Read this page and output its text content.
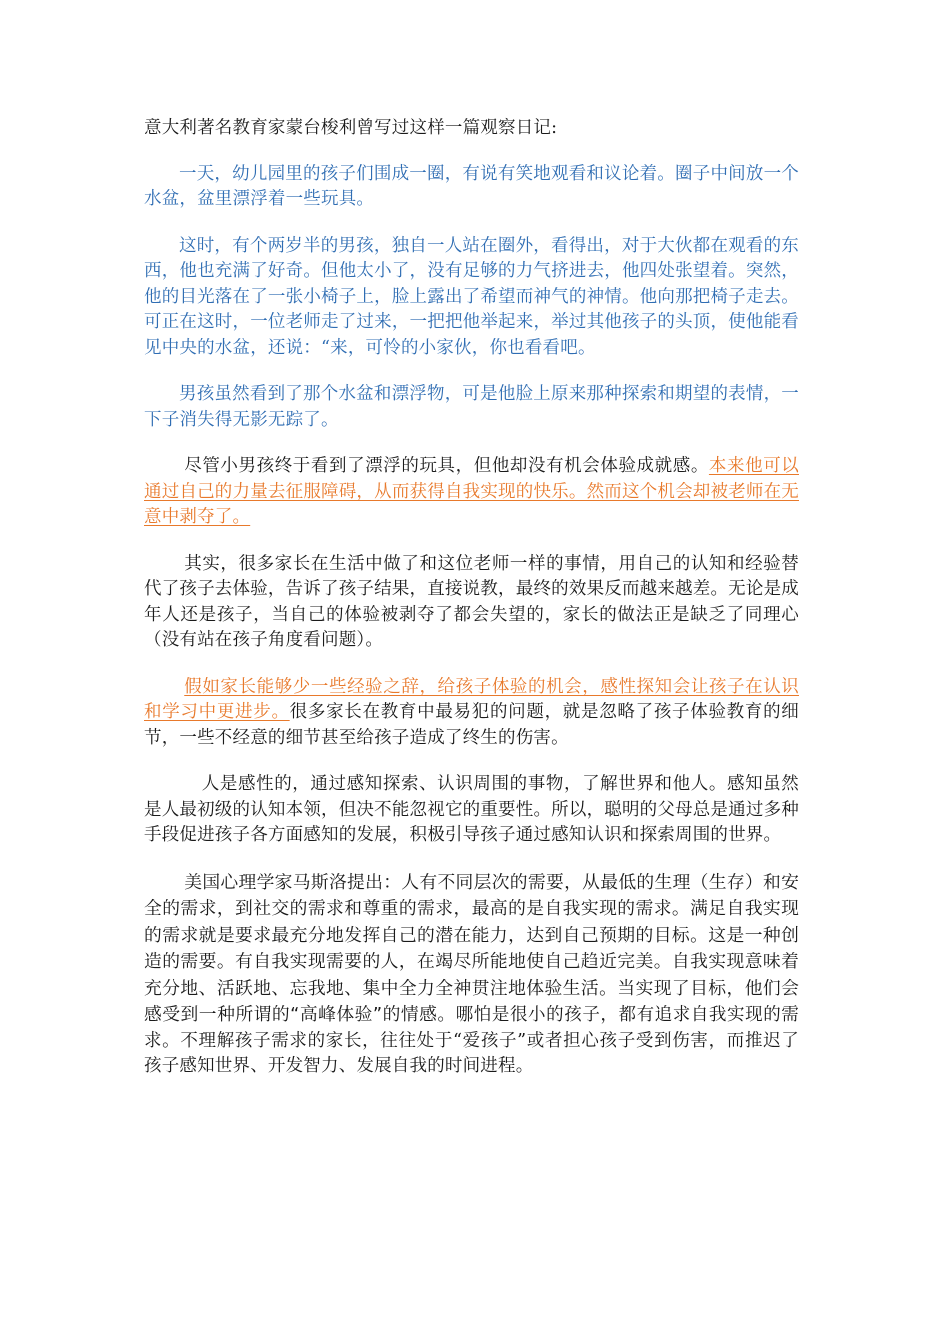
意大利著名教育家蒙台梭利曾写过这样一篇观察日记:

一天，幼儿园里的孩子们围成一圈，有说有笑地观看和议论着。圈子中间放一个水盆，盆里漂浮着一些玩具。

这时，有个两岁半的男孩，独自一人站在圈外，看得出，对于大伙都在观看的东西，他也充满了好奇。但他太小了，没有足够的力气挤进去，他四处张望着。突然，他的目光落在了一张小椅子上，脸上露出了希望而神气的神情。他向那把椅子走去。可正在这时，一位老师走了过来，一把把他举起来，举过其他孩子的头顶，使他能看见中央的水盆，还说：“来，可怜的小家伙，你也看看吧。

男孩虽然看到了那个水盆和漂浮物，可是他脸上原来那种探索和期望的表情，一下子消失得无影无踪了。

尽管小男孩终于看到了漂浮的玩具，但他却没有机会体验成就感。本来他可以通过自己的力量去征服障碍，从而获得自我实现的快乐。然而这个机会却被老师在无意中剥夺了。

其实，很多家长在生活中做了和这位老师一样的事情，用自己的认知和经验替代了孩子去体验，告诉了孩子结果，直接说教，最终的效果反而越来越差。无论是成年人还是孩子，当自己的体验被剥夺了都会失望的，家长的做法正是缺乏了同理心（没有站在孩子角度看问题）。

假如家长能够少一些经验之辞，给孩子体验的机会，感性探知会让孩子在认识和学习中更进步。很多家长在教育中最易犯的问题，就是忽略了孩子体验教育的细节，一些不经意的细节甚至给孩子造成了终生的伤害。

人是感性的，通过感知探索、认识周围的事物，了解世界和他人。感知虽然是人最初级的认知本领，但决不能忽视它的重要性。所以，聪明的父母总是通过多种手段促进孩子各方面感知的发展，积极引导孩子通过感知认识和探索周围的世界。

美国心理学家马斯洛提出：人有不同层次的需要，从最低的生理（生存）和安全的需求，到社交的需求和尊重的需求，最高的是自我实现的需求。满足自我实现的需求就是要求最充分地发挥自己的潜在能力，达到自己预期的目标。这是一种创造的需要。有自我实现需要的人，在竭尽所能地使自己趋近完美。自我实现意味着充分地、活跃地、忘我地、集中全力全神贯注地体验生活。当实现了目标，他们会感受到一种所谓的“高峰体验”的情感。哪怕是很小的孩子，都有追求自我实现的需求。不理解孩子需求的家长，往往处于“爱孩子”或者担心孩子受到伤害，而推迟了孩子感知世界、开发智力、发展自我的时间进程。
